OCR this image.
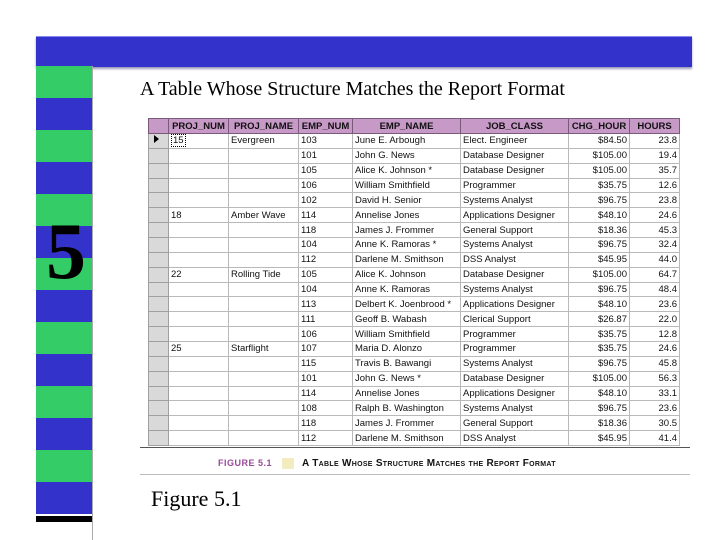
5
A Table Whose Structure Matches the Report Format
	PROJ_NUM	PROJ_NAME	EMP_NUM	EMP_NAME	JOB_CLASS	CHG_HOUR	HOURS
	15	Evergreen	103	June E. Arbough	Elect. Engineer	$84.50	23.8
			101	John G. News	Database Designer	$105.00	19.4
			105	Alice K. Johnson *	Database Designer	$105.00	35.7
			106	William Smithfield	Programmer	$35.75	12.6
			102	David H. Senior	Systems Analyst	$96.75	23.8
	18	Amber Wave	114	Annelise Jones	Applications Designer	$48.10	24.6
			118	James J. Frommer	General Support	$18.36	45.3
			104	Anne K. Ramoras *	Systems Analyst	$96.75	32.4
			112	Darlene M. Smithson	DSS Analyst	$45.95	44.0
	22	Rolling Tide	105	Alice K. Johnson	Database Designer	$105.00	64.7
			104	Anne K. Ramoras	Systems Analyst	$96.75	48.4
			113	Delbert K. Joenbrood *	Applications Designer	$48.10	23.6
			111	Geoff B. Wabash	Clerical Support	$26.87	22.0
			106	William Smithfield	Programmer	$35.75	12.8
	25	Starflight	107	Maria D. Alonzo	Programmer	$35.75	24.6
			115	Travis B. Bawangi	Systems Analyst	$96.75	45.8
			101	John G. News *	Database Designer	$105.00	56.3
			114	Annelise Jones	Applications Designer	$48.10	33.1
			108	Ralph B. Washington	Systems Analyst	$96.75	23.6
			118	James J. Frommer	General Support	$18.36	30.5
			112	Darlene M. Smithson	DSS Analyst	$45.95	41.4
FIGURE 5.1	A Table Whose Structure Matches the Report Format
Figure 5.1
